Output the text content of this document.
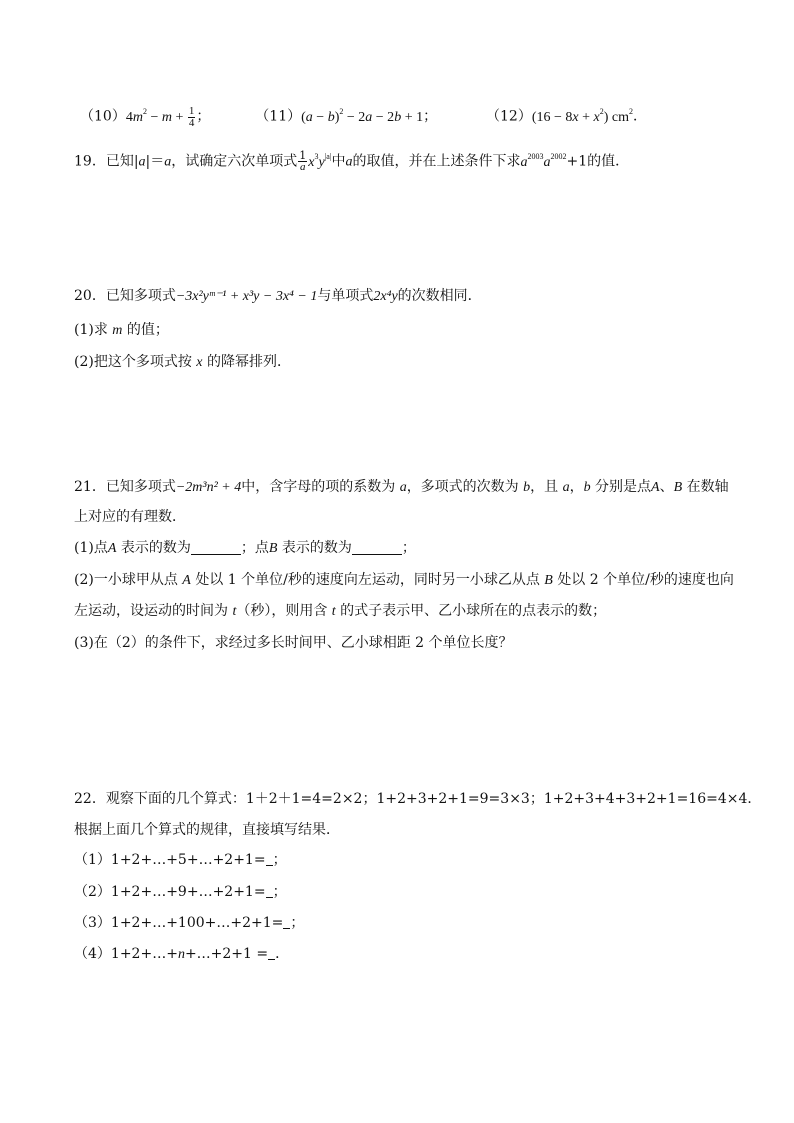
$(10)4m^2 - m + \frac{1}{4}$ ；	$(11)(a - b)^2 - 2a - 2b + 1$；	$(12)(16 - 8x + x^2)$ $cm^2$．
19．已知|a|＝a，试确定六次单项式 $\frac{1}{a} x^3y^{|a|}$中a的取值，并在上述条件下求$a^{2003}a^{2002}+1$的值．
20．已知多项式−3x²yᵐ⁻¹ + x³y − 3x⁴ − 1与单项式2x⁴y的次数相同．
(1)求 m 的值；
(2)把这个多项式按 x 的降幂排列．
21．已知多项式−2m³n² + 4中，含字母的项的系数为 a，多项式的次数为 b，且 a，b 分别是点A、B 在数轴
上对应的有理数．
(1)点A 表示的数为	；点B 表示的数为	；
(2)一小球甲从点 A 处以 1 个单位/秒的速度向左运动，同时另一小球乙从点 B 处以 2 个单位/秒的速度也向
左运动，设运动的时间为 t（秒），则用含 t 的式子表示甲、乙小球所在的点表示的数；
(3)在（2）的条件下，求经过多长时间甲、乙小球相距 2 个单位长度？
22．观察下面的几个算式：1＋2＋1=4=2×2；1+2+3+2+1=9=3×3；1+2+3+4+3+2+1=16=4×4．
根据上面几个算式的规律，直接填写结果．
（1）1+2+…+5+…+2+1= ；
（2）1+2+…+9+…+2+1= ；
（3）1+2+…+100+…+2+1= ；
（4）1+2+…+n+…+2+1 = ．
